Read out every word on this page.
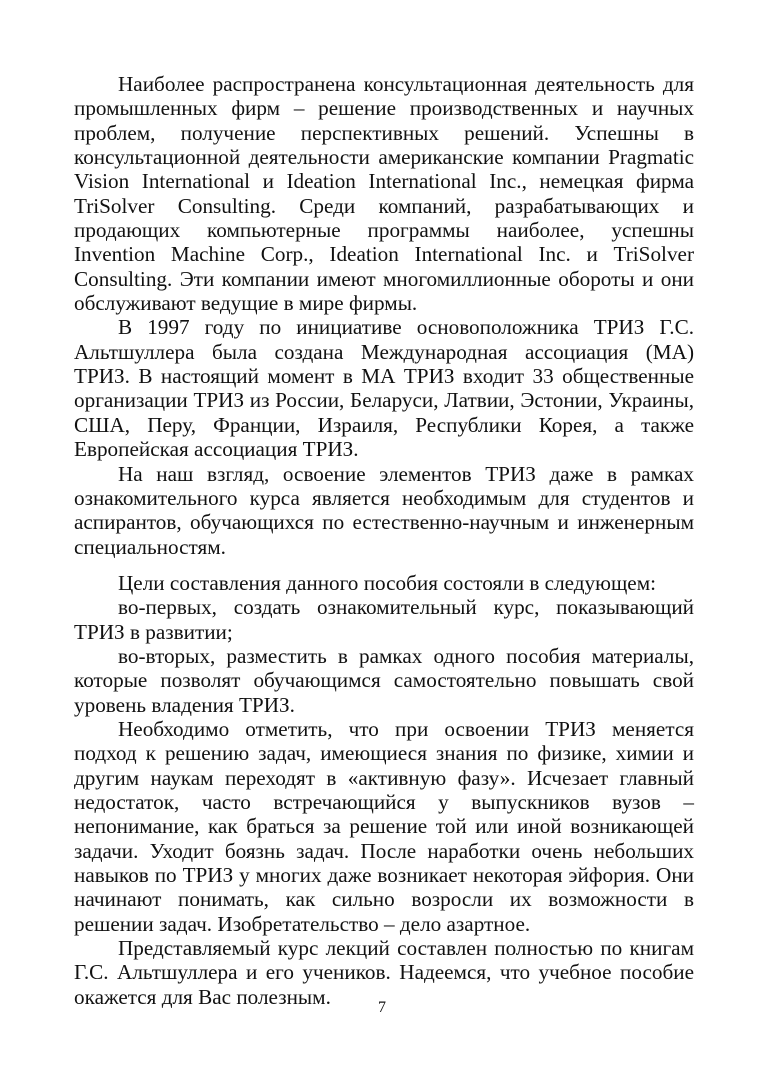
Наиболее распространена консультационная деятельность для промышленных фирм – решение производственных и научных проблем, получение перспективных решений. Успешны в консультационной деятельности американские компании Pragmatic Vision International и Ideation International Inc., немецкая фирма TriSolver Consulting. Среди компаний, разрабатывающих и продающих компьютерные программы наиболее, успешны Invention Machine Corp., Ideation International Inc. и TriSolver Consulting. Эти компании имеют многомиллионные обороты и они обслуживают ведущие в мире фирмы.

В 1997 году по инициативе основоположника ТРИЗ Г.С. Альтшуллера была создана Международная ассоциация (МА) ТРИЗ. В настоящий момент в МА ТРИЗ входит 33 общественные организации ТРИЗ из России, Беларуси, Латвии, Эстонии, Украины, США, Перу, Франции, Израиля, Республики Корея, а также Европейская ассоциация ТРИЗ.

На наш взгляд, освоение элементов ТРИЗ даже в рамках ознакомительного курса является необходимым для студентов и аспирантов, обучающихся по естественно-научным и инженерным специальностям.

Цели составления данного пособия состояли в следующем:

во-первых, создать ознакомительный курс, показывающий ТРИЗ в развитии;

во-вторых, разместить в рамках одного пособия материалы, которые позволят обучающимся самостоятельно повышать свой уровень владения ТРИЗ.

Необходимо отметить, что при освоении ТРИЗ меняется подход к решению задач, имеющиеся знания по физике, химии и другим наукам переходят в «активную фазу». Исчезает главный недостаток, часто встречающийся у выпускников вузов – непонимание, как браться за решение той или иной возникающей задачи. Уходит боязнь задач. После наработки очень небольших навыков по ТРИЗ у многих даже возникает некоторая эйфория. Они начинают понимать, как сильно возросли их возможности в решении задач. Изобретательство – дело азартное.

Представляемый курс лекций составлен полностью по книгам Г.С. Альтшуллера и его учеников. Надеемся, что учебное пособие окажется для Вас полезным.	7
